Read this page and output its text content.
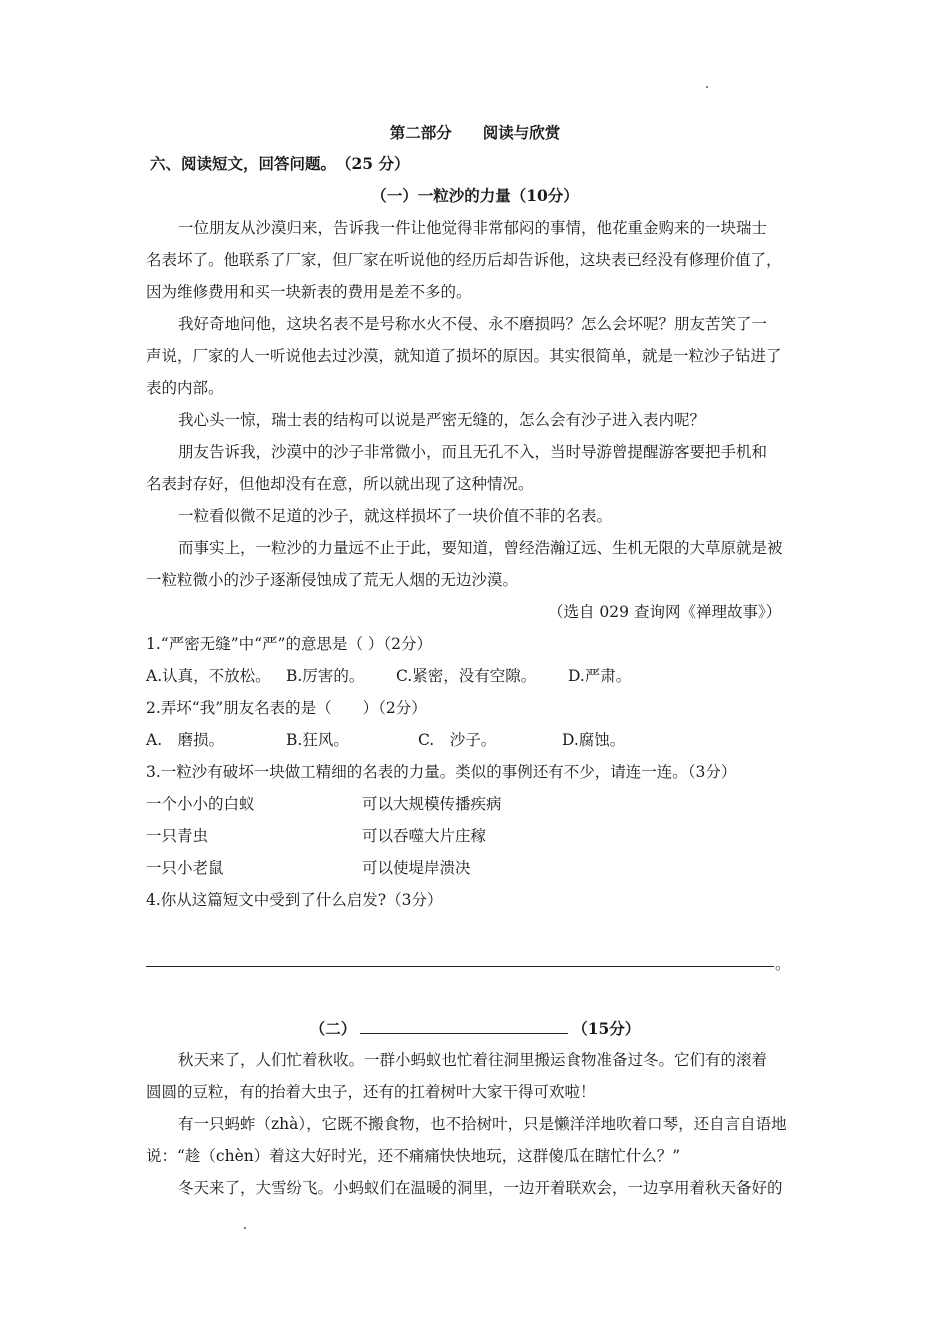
第二部分　　阅读与欣赏
六、阅读短文，回答问题。　（25 分）
（一）一粒沙的力量（10分）
一位朋友从沙漠归来，告诉我一件让他觉得非常郁闷的事情，他花重金购来的一块瑞士
名表坏了。他联系了厂家，但厂家在听说他的经历后却告诉他，这块表已经没有修理价值了，
因为维修费用和买一块新表的费用是差不多的。
我好奇地问他，这块名表不是号称水火不侵、永不磨损吗？怎么会坏呢？朋友苦笑了一
声说，厂家的人一听说他去过沙漠，就知道了损坏的原因。其实很简单，就是一粒沙子钻进了
表的内部。
我心头一惊，瑞士表的结构可以说是严密无缝的，怎么会有沙子进入表内呢？
朋友告诉我，沙漠中的沙子非常微小，而且无孔不入，当时导游曾提醒游客要把手机和
名表封存好，但他却没有在意，所以就出现了这种情况。
一粒看似微不足道的沙子，就这样损坏了一块价值不菲的名表。
而事实上，一粒沙的力量远不止于此，要知道，曾经浩瀚辽远、生机无限的大草原就是被
一粒粒微小的沙子逐渐侵蚀成了荒无人烟的无边沙漠。
（选自 029 查询网《禅理故事》）
1.“严密无缝”中“严”的意思是（ ）（2分）
A.认真，不放松。 B.厉害的。 C.紧密，没有空隙。 D.严肃。
2.弄坏“我”朋友名表的是（　　）（2分）
A.　磨损。	B.狂风。	C.　沙子。	D.腐蚀。
3.一粒沙有破坏一块做工精细的名表的力量。类似的事例还有不少，请连一连。（3分）
一个小小的白蚁	可以大规模传播疾病
一只青虫	可以吞噬大片庄稼
一只小老鼠	可以使堤岸溃决
4.你从这篇短文中受到了什么启发?（3分）
。
（二）	（15分）
秋天来了，人们忙着秋收。一群小蚂蚁也忙着往洞里搬运食物准备过冬。它们有的滚着
圆圆的豆粒，有的抬着大虫子，还有的扛着树叶大家干得可欢啦！
有一只蚂蚱（zhà），它既不搬食物，也不拾树叶，只是懒洋洋地吹着口琴，还自言自语地
说：“趁（chèn）着这大好时光，还不痛痛快快地玩，这群傻瓜在瞎忙什么？”
冬天来了，大雪纷飞。小蚂蚁们在温暖的洞里，一边开着联欢会，一边享用着秋天备好的
